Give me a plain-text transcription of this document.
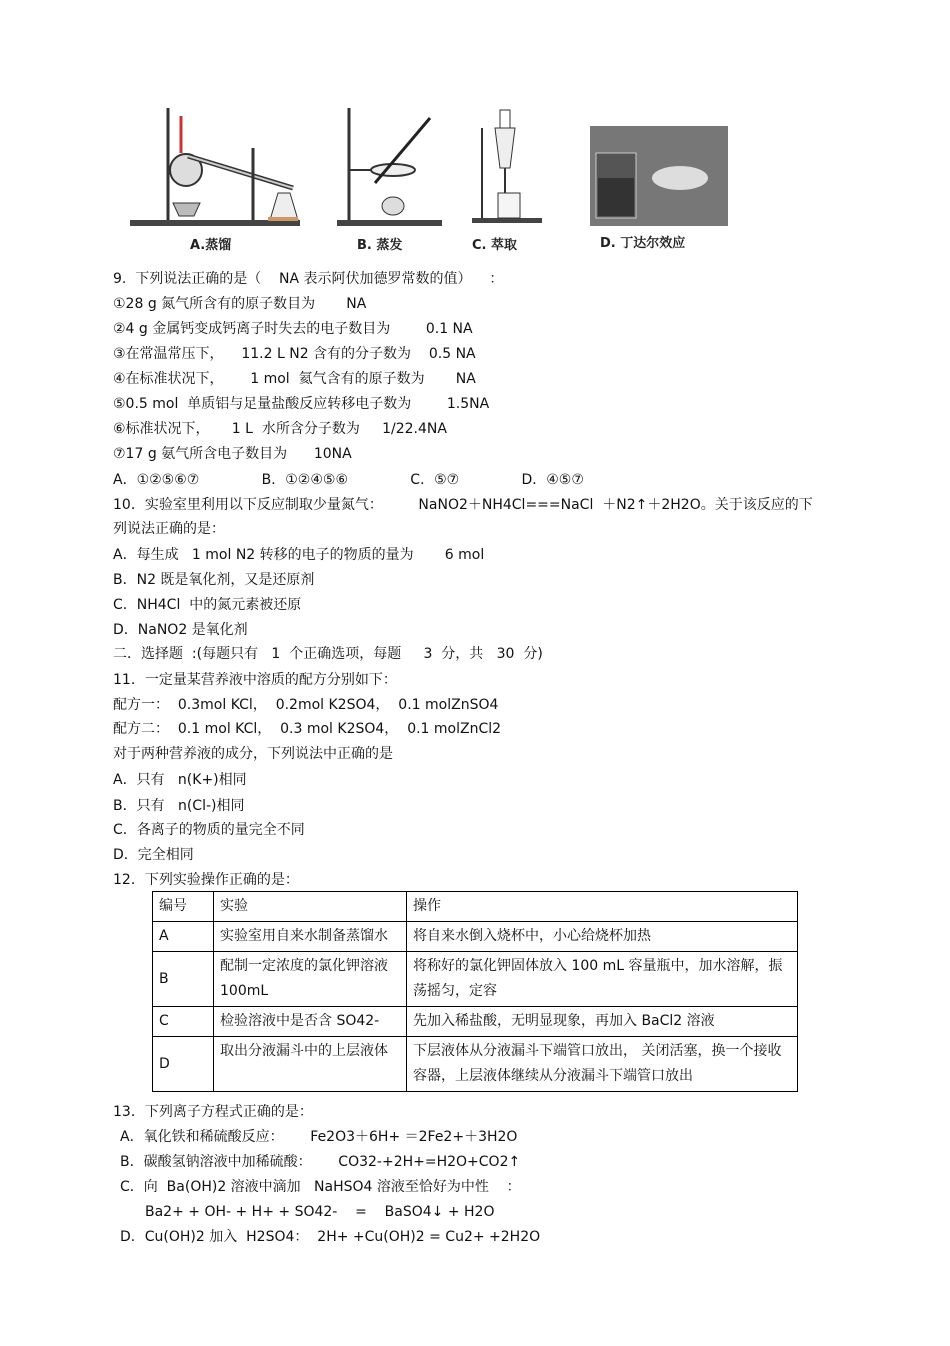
A.蒸馏	B. 蒸发	C. 萃取	D. 丁达尔效应
9.  下列说法正确的是（    NA 表示阿伏加德罗常数的值）    ：
①28 g 氮气所含有的原子数目为       NA
②4 g 金属钙变成钙离子时失去的电子数目为        0.1 NA
③在常温常压下，    11.2 L N2 含有的分子数为    0.5 NA
④在标准状况下，      1 mol  氦气含有的原子数为       NA
⑤0.5 mol  单质铝与足量盐酸反应转移电子数为        1.5NA
⑥标准状况下，     1 L  水所含分子数为     1/22.4NA
⑦17 g 氨气所含电子数目为      10NA
A．①②⑤⑥⑦              B．①②④⑤⑥              C．⑤⑦              D．④⑤⑦
10．实验室里利用以下反应制取少量氮气：        NaNO2＋NH4Cl===NaCl  ＋N2↑＋2H2O。关于该反应的下
列说法正确的是：
A．每生成   1 mol N2 转移的电子的物质的量为       6 mol
B．N2 既是氧化剂，又是还原剂
C．NH4Cl  中的氮元素被还原
D．NaNO2 是氧化剂
二．选择题  :(每题只有   1  个正确选项，每题     3  分，共   30  分)
11．一定量某营养液中溶质的配方分别如下：
配方一：  0.3mol KCl，  0.2mol K2SO4，  0.1 molZnSO4
配方二：  0.1 mol KCl，  0.3 mol K2SO4，  0.1 molZnCl2
对于两种营养液的成分，下列说法中正确的是
A．只有   n(K+)相同
B．只有   n(Cl-)相同
C．各离子的物质的量完全不同
D．完全相同
12．下列实验操作正确的是：
编号	实验	操作
A	实验室用自来水制备蒸馏水	将自来水倒入烧杯中，小心给烧杯加热
B	配制一定浓度的氯化钾溶液 100mL	将称好的氯化钾固体放入 100 mL 容量瓶中，加水溶解，振荡摇匀，定容
C	检验溶液中是否含 SO42-	先加入稀盐酸，无明显现象，再加入 BaCl2 溶液
D	取出分液漏斗中的上层液体	下层液体从分液漏斗下端管口放出， 关闭活塞，换一个接收容器，上层液体继续从分液漏斗下端管口放出
13．下列离子方程式正确的是：
A．氧化铁和稀硫酸反应：      Fe2O3＋6H+ ＝2Fe2+＋3H2O
B．碳酸氢钠溶液中加稀硫酸：      CO32-+2H+=H2O+CO2↑
C．向  Ba(OH)2 溶液中滴加   NaHSO4 溶液至恰好为中性    ：
Ba2+ + OH- + H+ + SO42-    =    BaSO4↓ + H2O
D．Cu(OH)2 加入  H2SO4：  2H+ +Cu(OH)2 = Cu2+ +2H2O
